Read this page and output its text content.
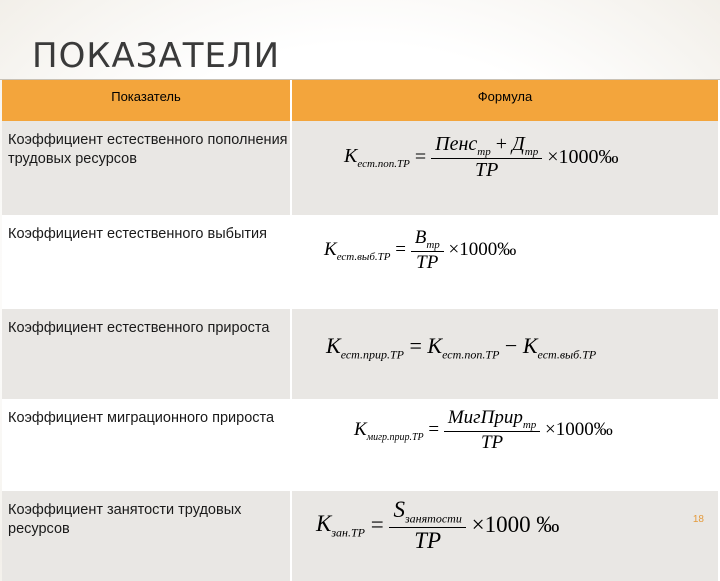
ПОКАЗАТЕЛИ
Показатель	Формула

Коэффициент естественного пополнения трудовых ресурсов	$K_{ест.пoп.TP} = \frac{Пенс_{тр} + Д_{тр}}{TP}$ ×1000‰

Коэффициент естественного выбытия	$K_{ест.выб.TP} = \frac{B_{тр}}{TP}$ ×1000‰

Коэффициент естественного прироста	$K_{ест.прир.TP} = K_{ест.пoп.TP} - K_{ест.выб.TP}$

Коэффициент миграционного прироста	$K_{мигр.прир.TP} = \frac{МигПрир_{тр}}{TP}$ ×1000‰

Коэффициент занятости трудовых ресурсов	$K_{зан.TP} = \frac{S_{занятости}}{TP} \times 1000$ ‰	18
